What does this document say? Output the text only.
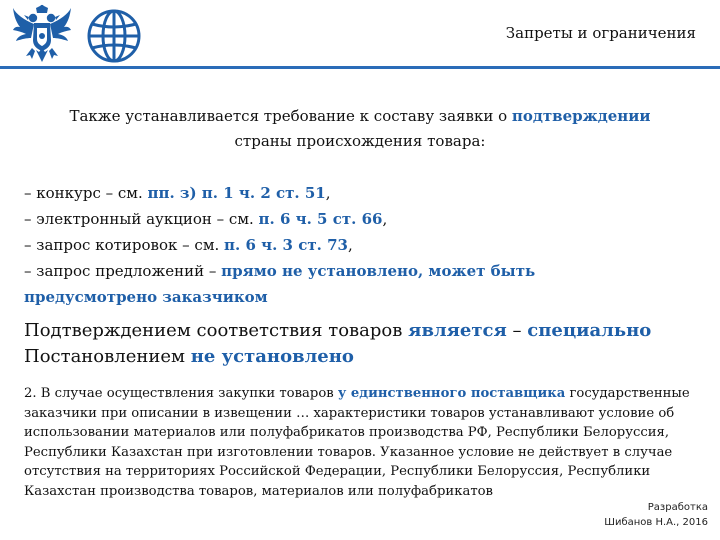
Запреты и ограничения
Также устанавливается требование к составу заявки о подтверждении страны происхождения товара:
– конкурс – см. пп. з) п. 1 ч. 2 ст. 51,
– электронный аукцион – см. п. 6 ч. 5 ст. 66,
– запрос котировок – см. п. 6 ч. 3 ст. 73,
– запрос предложений – прямо не установлено, может быть
предусмотрено заказчиком
Подтверждением соответствия товаров является – специально Постановлением не установлено
2. В случае осуществления закупки товаров у единственного поставщика государственные заказчики при описании в извещении … характеристики товаров устанавливают условие об использовании материалов или полуфабрикатов производства РФ, Республики Белоруссия, Республики Казахстан при изготовлении товаров. Указанное условие не действует в случае отсутствия на территориях Российской Федерации, Республики Белоруссия, Республики Казахстан производства товаров, материалов или полуфабрикатов
Разработка
Шибанов Н.А., 2016
